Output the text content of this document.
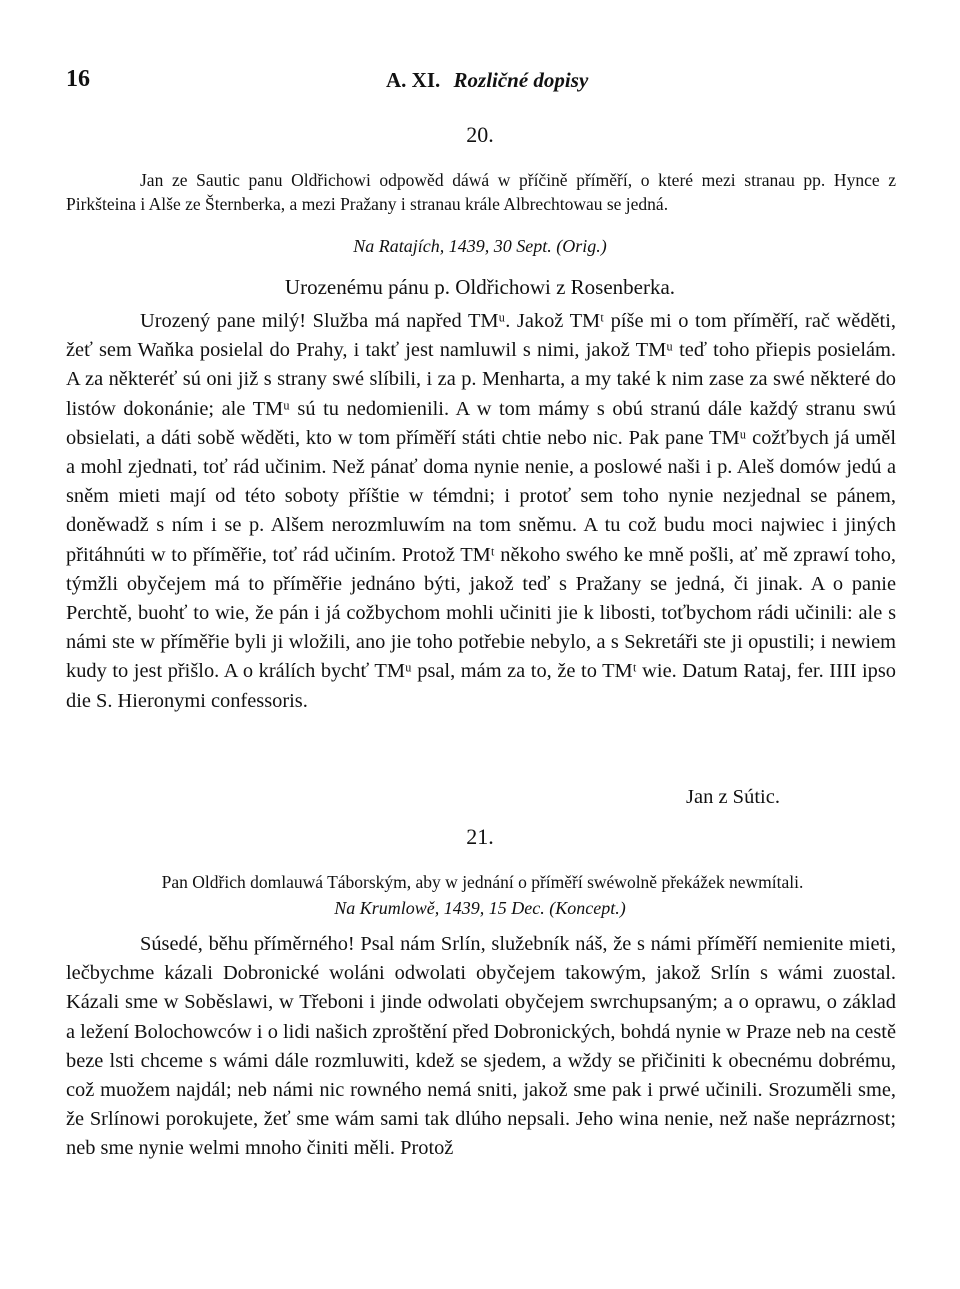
16	A. XI. Rozličné dopisy
20.
Jan ze Sautic panu Oldřichowi odpowěd dáwá w příčině příměří, o které mezi stranau pp. Hynce z Pirkšteina i Alše ze Šternberka, a mezi Pražany i stranau krále Albrechtowau se jedná.
Na Ratajích, 1439, 30 Sept. (Orig.)
Urozenému pánu p. Oldřichowi z Rosenberka.

Urozený pane milý! Služba má napřed TMᵘ. Jakož TMᵗ píše mi o tom příměří, rač wěděti, žeť sem Waňka posielal do Prahy, i takť jest namluwil s nimi, jakož TMᵘ teď toho přiepis posielám. A za některéť sú oni již s strany swé slíbili, i za p. Menharta, a my také k nim zase za swé některé do listów dokonánie; ale TMᵘ sú tu nedomienili. A w tom mámy s obú stranú dále každý stranu swú obsielati, a dáti sobě wěděti, kto w tom příměří státi chtie nebo nic. Pak pane TMᵘ cožťbych já uměl a mohl zjednati, toť rád učinim. Než pánať doma nynie nenie, a poslowé naši i p. Aleš domów jedú a sněm mieti mají od této soboty příštie w témdni; i protoť sem toho nynie nezjednal se pánem, doněwadž s ním i se p. Alšem nerozmluwím na tom sněmu. A tu což budu moci najwiec i jiných přitáhnúti w to příměřie, toť rád učiním. Protož TMᵗ někoho swého ke mně pošli, ať mě zprawí toho, týmžli obyčejem má to příměřie jednáno býti, jakož teď s Pražany se jedná, či jinak. A o panie Perchtě, buohť to wie, že pán i já cožbychom mohli učiniti jie k libosti, toťbychom rádi učinili: ale s námi ste w příměřie byli ji wložili, ano jie toho potřebie nebylo, a s Sekretáři ste ji opustili; i newiem kudy to jest přišlo. A o králích bychť TMᵘ psal, mám za to, že to TMᵗ wie. Datum Rataj, fer. IIII ipso die S. Hieronymi confessoris.

Jan z Sútic.
21.
Pan Oldřich domlauwá Táborským, aby w jednání o příměří swéwolně překážek newmítali.
Na Krumlowě, 1439, 15 Dec. (Koncept.)

Súsedé, běhu příměrného! Psal nám Srlín, služebník náš, že s námi příměří nemienite mieti, lečbychme kázali Dobronické woláni odwolati obyčejem takowým, jakož Srlín s wámi zuostal. Kázali sme w Soběslawi, w Třeboni i jinde odwolati obyčejem swrchupsaným; a o oprawu, o základ a ležení Bolochowców i o lidi našich zproštění před Dobronických, bohdá nynie w Praze neb na cestě beze lsti chceme s wámi dále rozmluwiti, kdež se sjedem, a wždy se přičiniti k obecnému dobrému, což muožem najdál; neb námi nic rowného nemá sniti, jakož sme pak i prwé učinili. Srozuměli sme, že Srlínowi porokujete, žeť sme wám sami tak dlúho nepsali. Jeho wina nenie, než naše neprázrnost; neb sme nynie welmi mnoho činiti měli. Protož
